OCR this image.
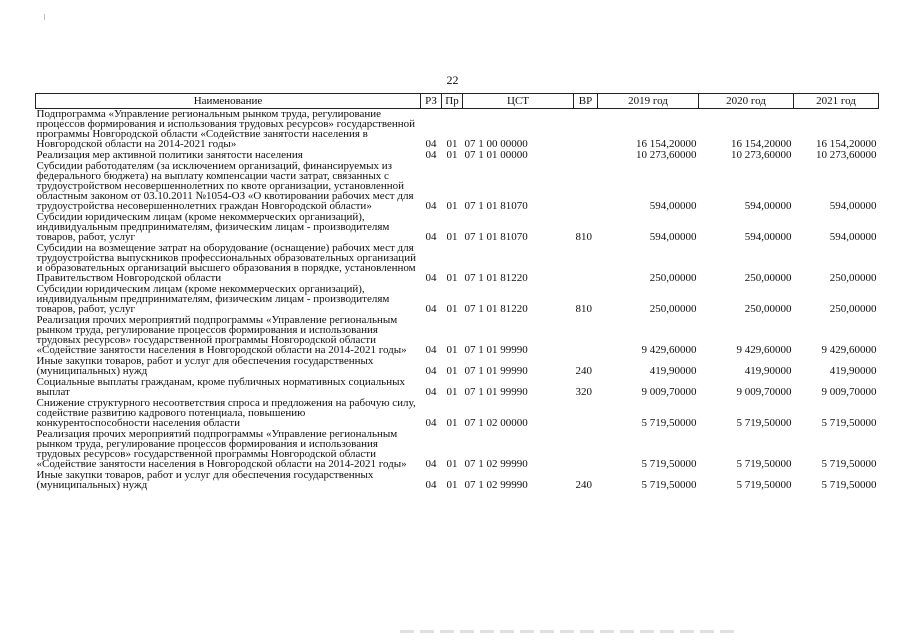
22
Наименование	РЗ	Пр	ЦСТ	ВР	2019 год	2020 год	2021 год
Подпрограмма «Управление региональным рынком труда, регулирование процессов формирования и использования трудовых ресурсов» государственной программы Новгородской области «Содействие занятости населения в Новгородской области на 2014-2021 годы»	04	01	07 1 00 00000		16 154,20000	16 154,20000	16 154,20000
Реализация мер активной политики занятости населения	04	01	07 1 01 00000		10 273,60000	10 273,60000	10 273,60000
Субсидии работодателям (за исключением организаций, финансируемых из федерального бюджета) на выплату компенсации части затрат, связанных с трудоустройством несовершеннолетних по квоте организации, установленной областным законом от 03.10.2011 №1054-ОЗ «О квотировании рабочих мест для трудоустройства несовершеннолетних граждан Новгородской области»	04	01	07 1 01 81070		594,00000	594,00000	594,00000
Субсидии юридическим лицам (кроме некоммерческих организаций), индивидуальным предпринимателям, физическим лицам - производителям товаров, работ, услуг	04	01	07 1 01 81070	810	594,00000	594,00000	594,00000
Субсидии на возмещение затрат на оборудование (оснащение) рабочих мест для трудоустройства выпускников профессиональных образовательных организаций и образовательных организаций высшего образования в порядке, установленном Правительством Новгородской области	04	01	07 1 01 81220		250,00000	250,00000	250,00000
Субсидии юридическим лицам (кроме некоммерческих организаций), индивидуальным предпринимателям, физическим лицам - производителям товаров, работ, услуг	04	01	07 1 01 81220	810	250,00000	250,00000	250,00000
Реализация прочих мероприятий подпрограммы «Управление региональным рынком труда, регулирование процессов формирования и использования трудовых ресурсов» государственной программы Новгородской области «Содействие занятости населения в Новгородской области на 2014-2021 годы»	04	01	07 1 01 99990		9 429,60000	9 429,60000	9 429,60000
Иные закупки товаров, работ и услуг для обеспечения государственных (муниципальных) нужд	04	01	07 1 01 99990	240	419,90000	419,90000	419,90000
Социальные выплаты гражданам, кроме публичных нормативных социальных выплат	04	01	07 1 01 99990	320	9 009,70000	9 009,70000	9 009,70000
Снижение структурного несоответствия спроса и предложения на рабочую силу, содействие развитию кадрового потенциала, повышению конкурентоспособности населения области	04	01	07 1 02 00000		5 719,50000	5 719,50000	5 719,50000
Реализация прочих мероприятий подпрограммы «Управление региональным рынком труда, регулирование процессов формирования и использования трудовых ресурсов» государственной программы Новгородской области «Содействие занятости населения в Новгородской области на 2014-2021 годы»	04	01	07 1 02 99990		5 719,50000	5 719,50000	5 719,50000
Иные закупки товаров, работ и услуг для обеспечения государственных (муниципальных) нужд	04	01	07 1 02 99990	240	5 719,50000	5 719,50000	5 719,50000
